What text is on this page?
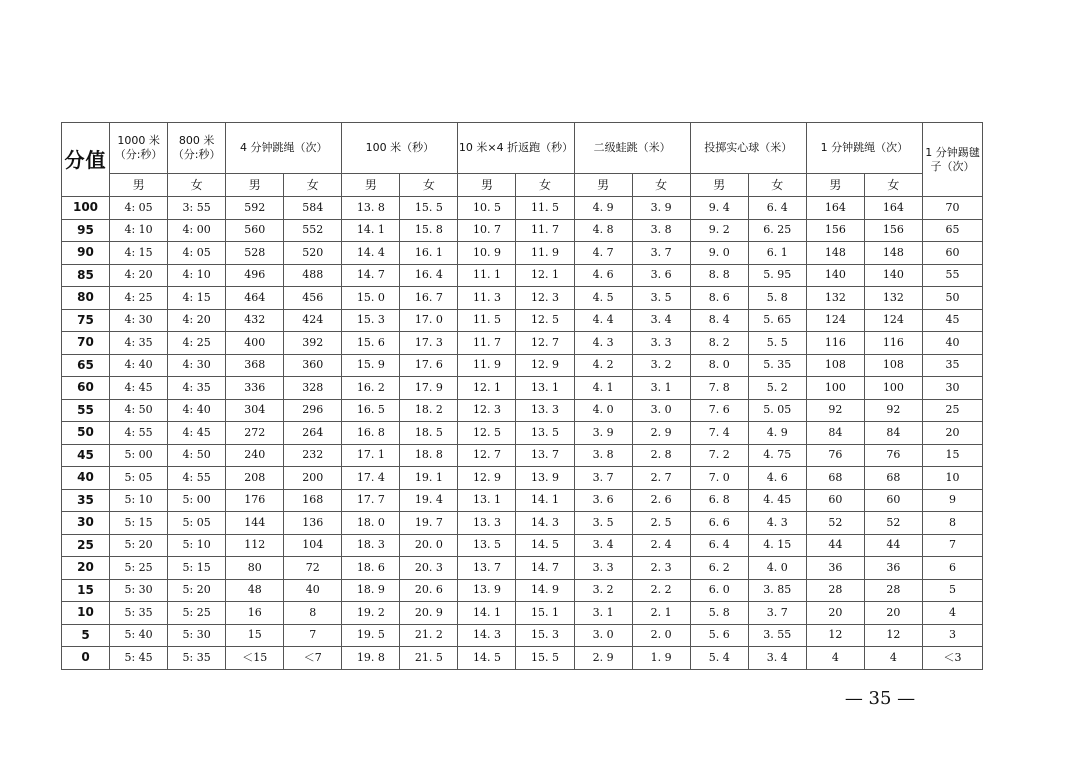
分值	1000 米（分:秒）	800 米（分:秒）	4 分钟跳绳（次）		100 米（秒）		10 米×4 折返跑（秒）		二级蛙跳（米）		投掷实心球（米）		1 分钟跳绳（次）		1 分钟踢毽子（次）
	男	女	男	女	男	女	男	女	男	女	男	女	男	女	
100	4: 05	3: 55	592	584	13. 8	15. 5	10. 5	11. 5	4. 9	3. 9	9. 4	6. 4	164	164	70
95	4: 10	4: 00	560	552	14. 1	15. 8	10. 7	11. 7	4. 8	3. 8	9. 2	6. 25	156	156	65
90	4: 15	4: 05	528	520	14. 4	16. 1	10. 9	11. 9	4. 7	3. 7	9. 0	6. 1	148	148	60
85	4: 20	4: 10	496	488	14. 7	16. 4	11. 1	12. 1	4. 6	3. 6	8. 8	5. 95	140	140	55
80	4: 25	4: 15	464	456	15. 0	16. 7	11. 3	12. 3	4. 5	3. 5	8. 6	5. 8	132	132	50
75	4: 30	4: 20	432	424	15. 3	17. 0	11. 5	12. 5	4. 4	3. 4	8. 4	5. 65	124	124	45
70	4: 35	4: 25	400	392	15. 6	17. 3	11. 7	12. 7	4. 3	3. 3	8. 2	5. 5	116	116	40
65	4: 40	4: 30	368	360	15. 9	17. 6	11. 9	12. 9	4. 2	3. 2	8. 0	5. 35	108	108	35
60	4: 45	4: 35	336	328	16. 2	17. 9	12. 1	13. 1	4. 1	3. 1	7. 8	5. 2	100	100	30
55	4: 50	4: 40	304	296	16. 5	18. 2	12. 3	13. 3	4. 0	3. 0	7. 6	5. 05	92	92	25
50	4: 55	4: 45	272	264	16. 8	18. 5	12. 5	13. 5	3. 9	2. 9	7. 4	4. 9	84	84	20
45	5: 00	4: 50	240	232	17. 1	18. 8	12. 7	13. 7	3. 8	2. 8	7. 2	4. 75	76	76	15
40	5: 05	4: 55	208	200	17. 4	19. 1	12. 9	13. 9	3. 7	2. 7	7. 0	4. 6	68	68	10
35	5: 10	5: 00	176	168	17. 7	19. 4	13. 1	14. 1	3. 6	2. 6	6. 8	4. 45	60	60	9
30	5: 15	5: 05	144	136	18. 0	19. 7	13. 3	14. 3	3. 5	2. 5	6. 6	4. 3	52	52	8
25	5: 20	5: 10	112	104	18. 3	20. 0	13. 5	14. 5	3. 4	2. 4	6. 4	4. 15	44	44	7
20	5: 25	5: 15	80	72	18. 6	20. 3	13. 7	14. 7	3. 3	2. 3	6. 2	4. 0	36	36	6
15	5: 30	5: 20	48	40	18. 9	20. 6	13. 9	14. 9	3. 2	2. 2	6. 0	3. 85	28	28	5
10	5: 35	5: 25	16	8	19. 2	20. 9	14. 1	15. 1	3. 1	2. 1	5. 8	3. 7	20	20	4
5	5: 40	5: 30	15	7	19. 5	21. 2	14. 3	15. 3	3. 0	2. 0	5. 6	3. 55	12	12	3
0	5: 45	5: 35	＜15	＜7	19. 8	21. 5	14. 5	15. 5	2. 9	1. 9	5. 4	3. 4	4	4	＜3
— 35 —
